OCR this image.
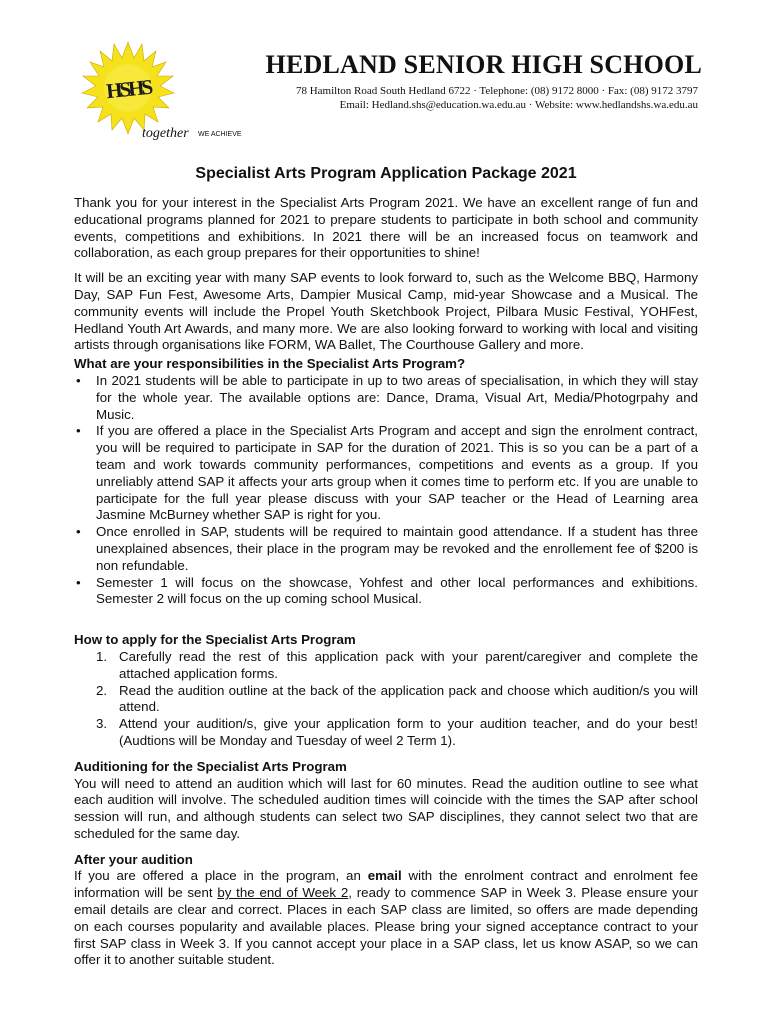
HSHS
together WE ACHIEVE
HEDLAND SENIOR HIGH SCHOOL
78 Hamilton Road South Hedland 6722 · Telephone: (08) 9172 8000 · Fax: (08) 9172 3797
Email: Hedland.shs@education.wa.edu.au · Website: www.hedlandshs.wa.edu.au
Specialist Arts Program Application Package 2021

Thank you for your interest in the Specialist Arts Program 2021. We have an excellent range of fun and educational programs planned for 2021 to prepare students to participate in both school and community events, competitions and exhibitions. In 2021 there will be an increased focus on teamwork and collaboration, as each group prepares for their opportunities to shine!

It will be an exciting year with many SAP events to look forward to, such as the Welcome BBQ, Harmony Day, SAP Fun Fest, Awesome Arts, Dampier Musical Camp, mid-year Showcase and a Musical. The community events will include the Propel Youth Sketchbook Project, Pilbara Music Festival, YOHFest, Hedland Youth Art Awards, and many more. We are also looking forward to working with local and visiting artists through organisations like FORM, WA Ballet, The Courthouse Gallery and more.

What are your responsibilities in the Specialist Arts Program?
• In 2021 students will be able to participate in up to two areas of specialisation, in which they will stay for the whole year. The available options are: Dance, Drama, Visual Art, Media/Photogrpahy and Music.
• If you are offered a place in the Specialist Arts Program and accept and sign the enrolment contract, you will be required to participate in SAP for the duration of 2021. This is so you can be a part of a team and work towards community performances, competitions and events as a group. If you unreliably attend SAP it affects your arts group when it comes time to perform etc. If you are unable to participate for the full year please discuss with your SAP teacher or the Head of Learning area Jasmine McBurney whether SAP is right for you.
• Once enrolled in SAP, students will be required to maintain good attendance. If a student has three unexplained absences, their place in the program may be revoked and the enrollement fee of $200 is non refundable.
• Semester 1 will focus on the showcase, Yohfest and other local performances and exhibitions. Semester 2 will focus on the up coming school Musical.
How to apply for the Specialist Arts Program
1. Carefully read the rest of this application pack with your parent/caregiver and complete the attached application forms.
2. Read the audition outline at the back of the application pack and choose which audition/s you will attend.
3. Attend your audition/s, give your application form to your audition teacher, and do your best! (Audtions will be Monday and Tuesday of weel 2 Term 1).
Auditioning for the Specialist Arts Program

You will need to attend an audition which will last for 60 minutes. Read the audition outline to see what each audition will involve. The scheduled audition times will coincide with the times the SAP after school session will run, and although students can select two SAP disciplines, they cannot select two that are scheduled for the same day.

After your audition

If you are offered a place in the program, an email with the enrolment contract and enrolment fee information will be sent by the end of Week 2, ready to commence SAP in Week 3. Please ensure your email details are clear and correct. Places in each SAP class are limited, so offers are made depending on each courses popularity and available places. Please bring your signed acceptance contract to your first SAP class in Week 3. If you cannot accept your place in a SAP class, let us know ASAP, so we can offer it to another suitable student.
